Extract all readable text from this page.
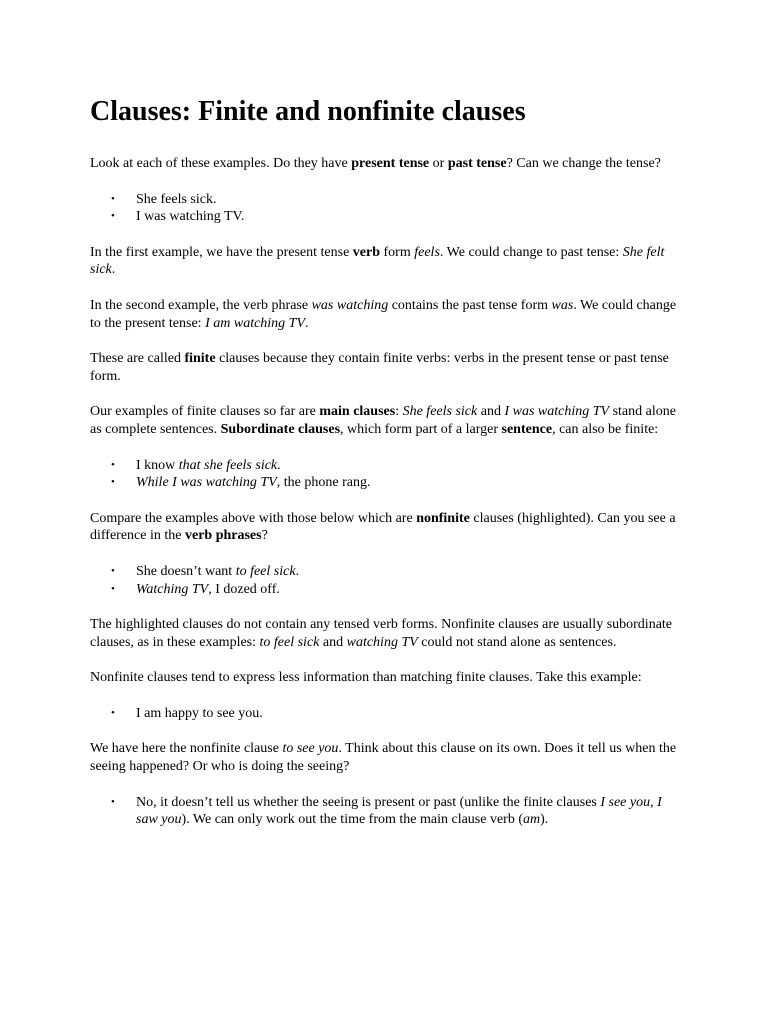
Clauses: Finite and nonfinite clauses

Look at each of these examples. Do they have present tense or past tense? Can we change the tense?

• She feels sick.
• I was watching TV.

In the first example, we have the present tense verb form feels. We could change to past tense: She felt sick.

In the second example, the verb phrase was watching contains the past tense form was. We could change to the present tense: I am watching TV.

These are called finite clauses because they contain finite verbs: verbs in the present tense or past tense form.

Our examples of finite clauses so far are main clauses: She feels sick and I was watching TV stand alone as complete sentences. Subordinate clauses, which form part of a larger sentence, can also be finite:

• I know that she feels sick.
• While I was watching TV, the phone rang.

Compare the examples above with those below which are nonfinite clauses (highlighted). Can you see a difference in the verb phrases?

• She doesn’t want to feel sick.
• Watching TV, I dozed off.

The highlighted clauses do not contain any tensed verb forms. Nonfinite clauses are usually subordinate clauses, as in these examples: to feel sick and watching TV could not stand alone as sentences.

Nonfinite clauses tend to express less information than matching finite clauses. Take this example:

• I am happy to see you.

We have here the nonfinite clause to see you. Think about this clause on its own. Does it tell us when the seeing happened? Or who is doing the seeing?

• No, it doesn’t tell us whether the seeing is present or past (unlike the finite clauses I see you, I saw you). We can only work out the time from the main clause verb (am).
